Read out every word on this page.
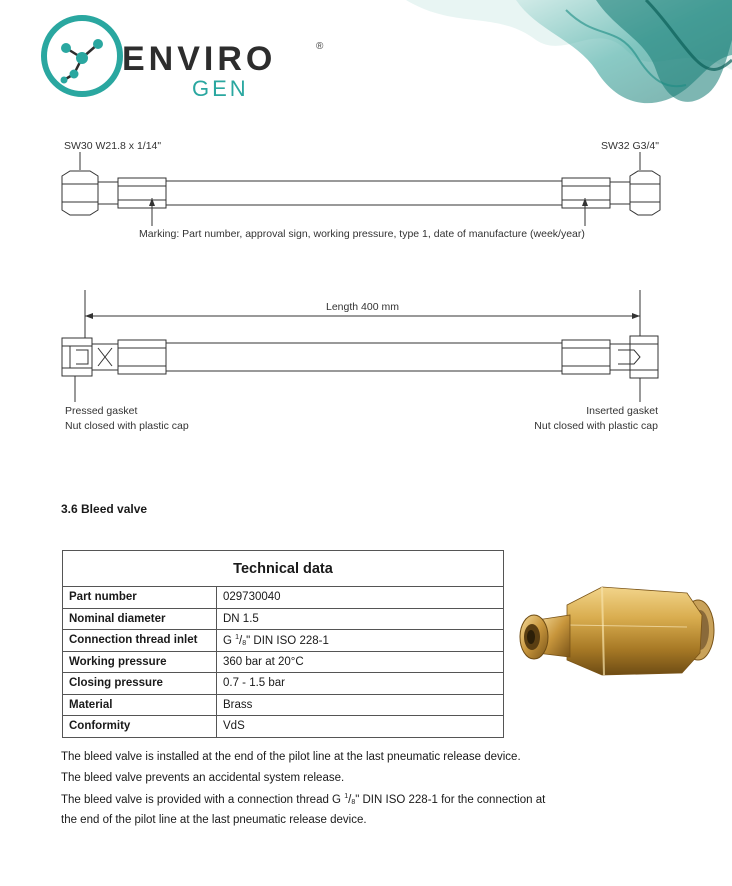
ENVIRO	®
GEN
SW30 W21.8 x 1/14"	SW32 G3/4"
Marking: Part number, approval sign, working pressure, type 1, date of manufacture (week/year)
Length 400 mm
Pressed gasket
Nut closed with plastic cap
Inserted gasket
Nut closed with plastic cap
3.6 Bleed valve
Technical data	
Part number	029730040
Nominal diameter	DN 1.5
Connection thread inlet	G $^1/_8$" DIN ISO 228-1
Working pressure	360 bar at 20°C
Closing pressure	0.7 - 1.5 bar
Material	Brass
Conformity	VdS
The bleed valve is installed at the end of the pilot line at the last pneumatic release device.
The bleed valve prevents an accidental system release.
The bleed valve is provided with a connection thread G $^1/_8$" DIN ISO 228-1 for the connection at
the end of the pilot line at the last pneumatic release device.
